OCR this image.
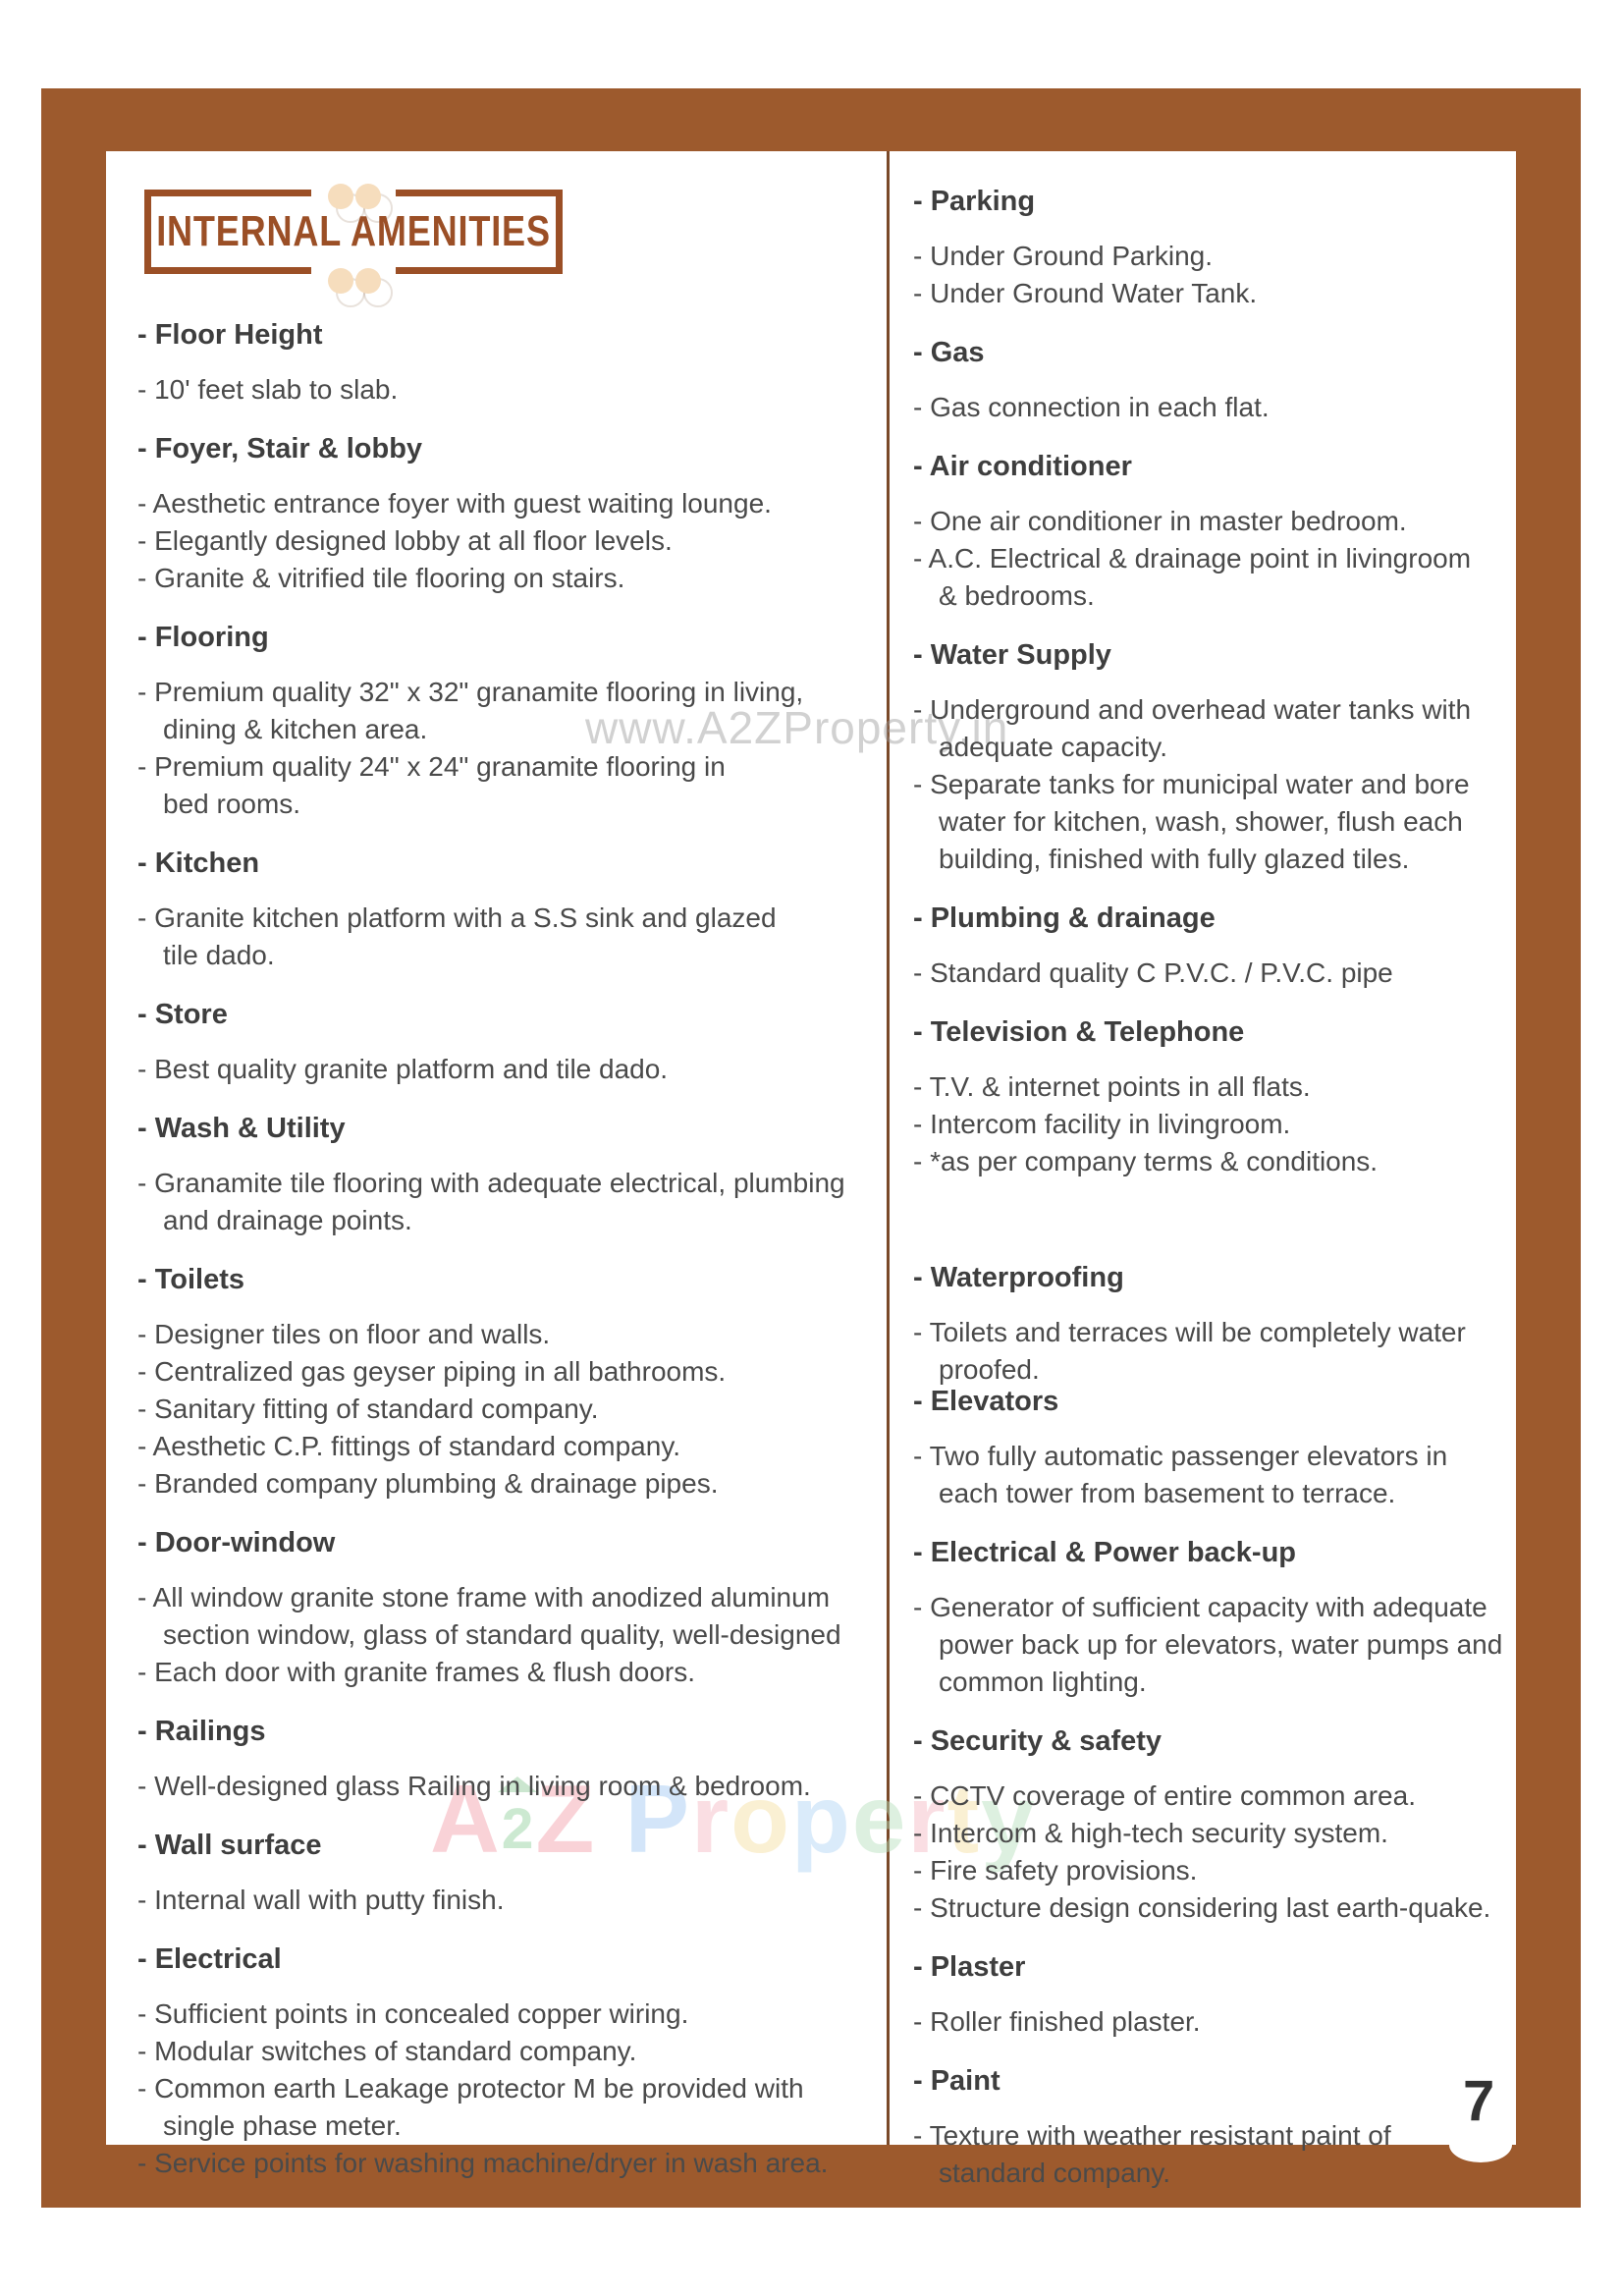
www.A2ZProperty.in
A2
Z Property
INTERNAL AMENITIES
- Floor Height
- 10' feet slab to slab.
- Foyer, Stair & lobby
- Aesthetic entrance foyer with guest waiting lounge.
- Elegantly designed lobby at all floor levels.
- Granite & vitrified tile flooring on stairs.
- Flooring
- Premium quality 32" x 32" granamite flooring in living,
dining & kitchen area.
- Premium quality 24" x 24" granamite flooring in
bed rooms.
- Kitchen
- Granite kitchen platform with a S.S sink and glazed
tile dado.
- Store
- Best quality granite platform and tile dado.
- Wash & Utility
- Granamite tile flooring with adequate electrical, plumbing
and drainage points.
- Toilets
- Designer tiles on floor and walls.
- Centralized gas geyser piping in all bathrooms.
- Sanitary fitting of standard company.
- Aesthetic C.P. fittings of standard company.
- Branded company plumbing & drainage pipes.
- Door-window
- All window granite stone frame with anodized aluminum
section window, glass of standard quality, well-designed
- Each door with granite frames & flush doors.
- Railings
- Well-designed glass Railing in living room & bedroom.
- Wall surface
- Internal wall with putty finish.
- Electrical
- Sufficient points in concealed copper wiring.
- Modular switches of standard company.
- Common earth Leakage protector M be provided with
single phase meter.
- Service points for washing machine/dryer in wash area.
- Parking
- Under Ground Parking.
- Under Ground Water Tank.
- Gas
- Gas connection in each flat.
- Air conditioner
- One air conditioner in master bedroom.
- A.C. Electrical & drainage point in livingroom
& bedrooms.
- Water Supply
- Underground and overhead water tanks with
adequate capacity.
- Separate tanks for municipal water and bore
water for kitchen, wash, shower, flush each
building, finished with fully glazed tiles.
- Plumbing & drainage
- Standard quality C P.V.C. / P.V.C. pipe
- Television & Telephone
- T.V. & internet points in all flats.
- Intercom facility in livingroom.
- *as per company terms & conditions.
- Waterproofing
- Toilets and terraces will be completely water
proofed.
- Elevators
- Two fully automatic passenger elevators in
each tower from basement to terrace.
- Electrical & Power back-up
- Generator of sufficient capacity with adequate
power back up for elevators, water pumps and
common lighting.
- Security & safety
- CCTV coverage of entire common area.
- Intercom & high-tech security system.
- Fire safety provisions.
- Structure design considering last earth-quake.
- Plaster
- Roller finished plaster.
- Paint
- Texture with weather resistant paint of
standard company.
7
